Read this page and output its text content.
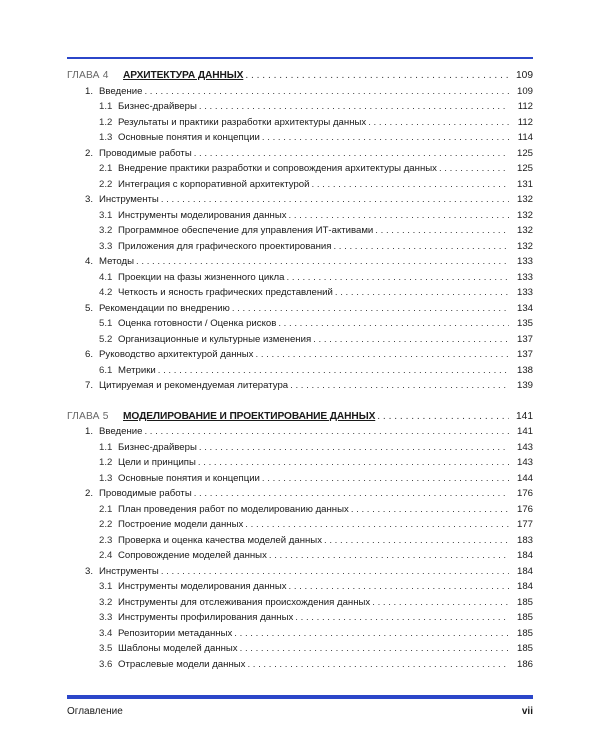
ГЛАВА 4	АРХИТЕКТУРА ДАННЫХ . . .	109
1. Введение . . .	109
1.1 Бизнес-драйверы . . .	112
1.2 Результаты и практики разработки архитектуры данных . . .	112
1.3 Основные понятия и концепции . . .	114
2. Проводимые работы . . .	125
2.1 Внедрение практики разработки и сопровождения архитектуры данных . . .	125
2.2 Интеграция с корпоративной архитектурой . . .	131
3. Инструменты . . .	132
3.1 Инструменты моделирования данных . . .	132
3.2 Программное обеспечение для управления ИТ-активами . . .	132
3.3 Приложения для графического проектирования . . .	132
4. Методы . . .	133
4.1 Проекции на фазы жизненного цикла . . .	133
4.2 Четкость и ясность графических представлений . . .	133
5. Рекомендации по внедрению . . .	134
5.1 Оценка готовности / Оценка рисков . . .	135
5.2 Организационные и культурные изменения . . .	137
6. Руководство архитектурой данных . . .	137
6.1 Метрики . . .	138
7. Цитируемая и рекомендуемая литература . . .	139
ГЛАВА 5	МОДЕЛИРОВАНИЕ И ПРОЕКТИРОВАНИЕ ДАННЫХ . . .	141
1. Введение . . .	141
1.1 Бизнес-драйверы . . .	143
1.2 Цели и принципы . . .	143
1.3 Основные понятия и концепции . . .	144
2. Проводимые работы . . .	176
2.1 План проведения работ по моделированию данных . . .	176
2.2 Построение модели данных . . .	177
2.3 Проверка и оценка качества моделей данных . . .	183
2.4 Сопровождение моделей данных . . .	184
3. Инструменты . . .	184
3.1 Инструменты моделирования данных . . .	184
3.2 Инструменты для отслеживания происхождения данных . . .	185
3.3 Инструменты профилирования данных . . .	185
3.4 Репозитории метаданных . . .	185
3.5 Шаблоны моделей данных . . .	185
3.6 Отраслевые модели данных . . .	186
Оглавление	vii
